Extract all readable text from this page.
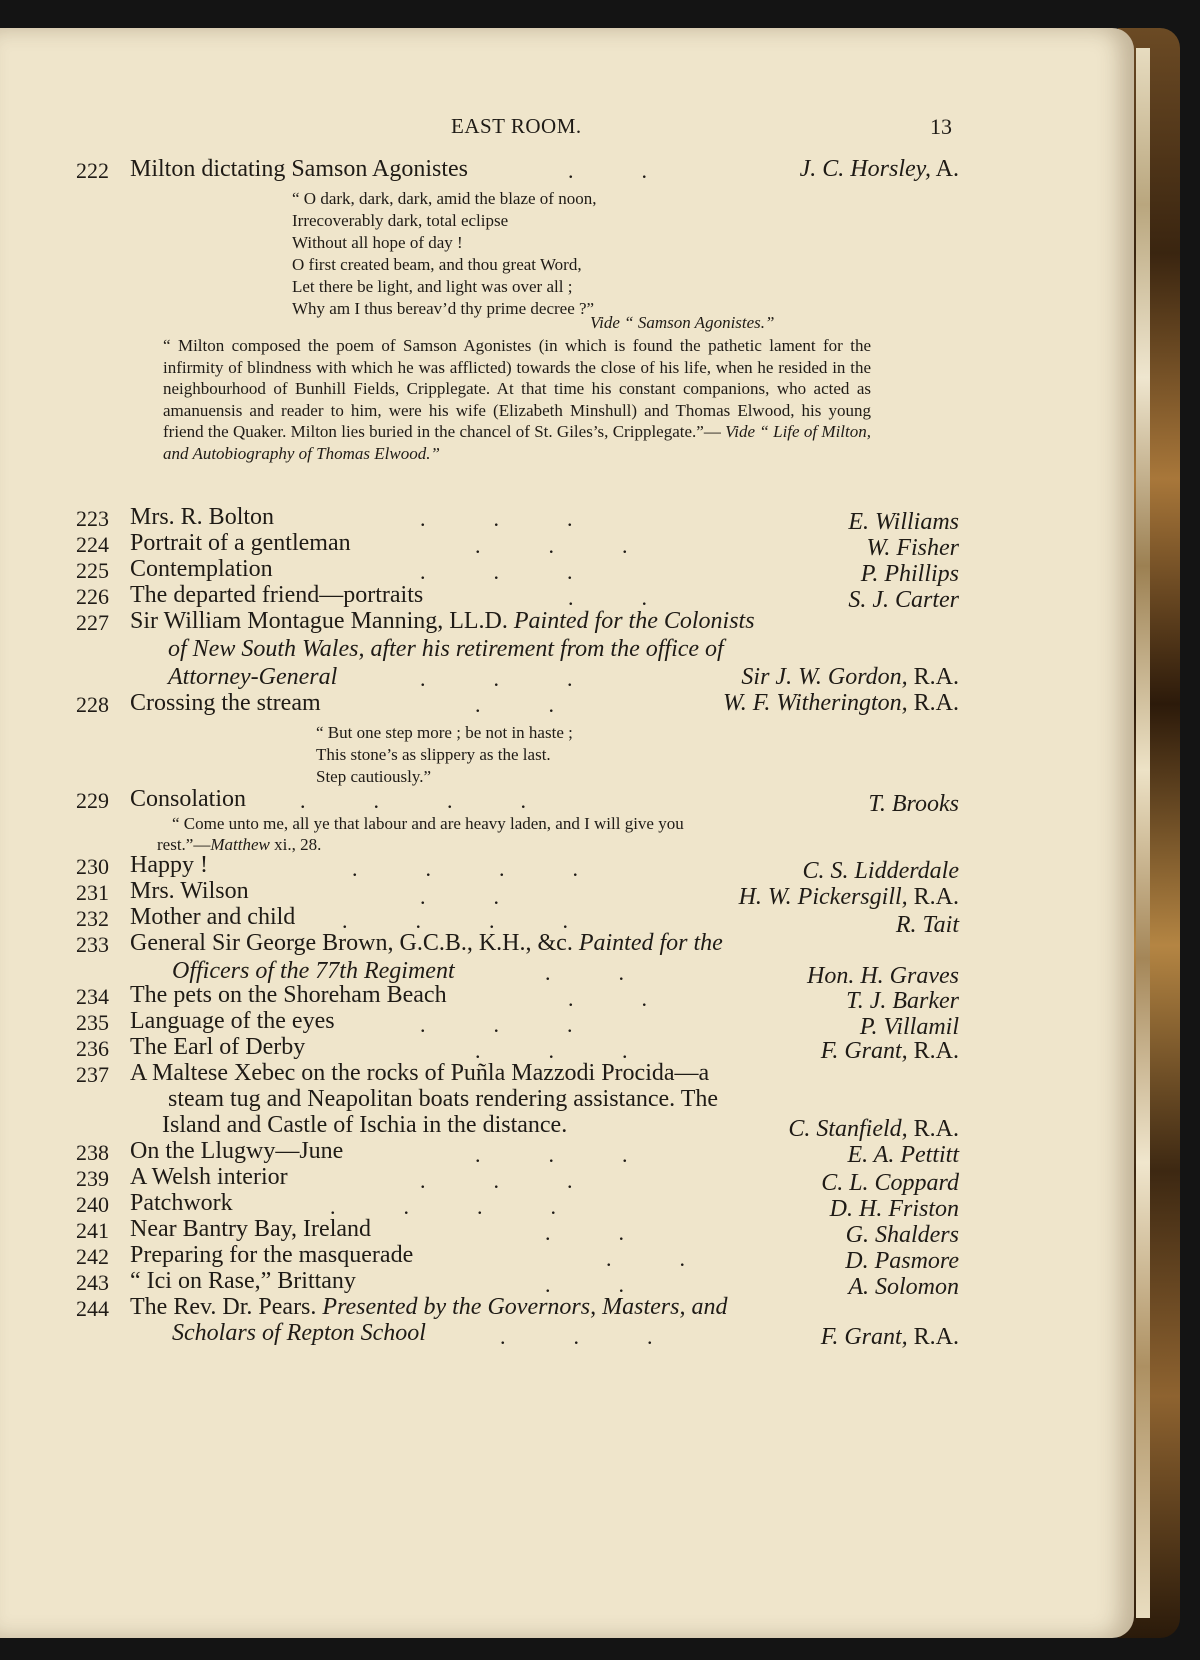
EAST ROOM.	13
222 Milton dictating Samson Agonistes	..	J. C. Horsley, A.
“ O dark, dark, dark, amid the blaze of noon,
Irrecoverably dark, total eclipse
Without all hope of day !
O first created beam, and thou great Word,
Let there be light, and light was over all ;
Why am I thus bereav’d thy prime decree ?”
Vide “ Samson Agonistes.”
“ Milton composed the poem of Samson Agonistes (in which is found the pathetic lament for the infirmity of blindness with which he was afflicted) towards the close of his life, when he resided in the neighbourhood of Bunhill Fields, Cripplegate. At that time his constant companions, who acted as amanuensis and reader to him, were his wife (Elizabeth Minshull) and Thomas Elwood, his young friend the Quaker. Milton lies buried in the chancel of St. Giles’s, Cripplegate.”— Vide “ Life of Milton, and Autobiography of Thomas Elwood.”
223 Mrs. R. Bolton	...	E. Williams
224 Portrait of a gentleman	...	W. Fisher
225 Contemplation	...	P. Phillips
226 The departed friend—portraits	..	S. J. Carter
227 Sir William Montague Manning, LL.D. Painted for the Colonists
of New South Wales, after his retirement from the office of
Attorney-General	...	Sir J. W. Gordon, R.A.
228 Crossing the stream	..	W. F. Witherington, R.A.
“ But one step more ; be not in haste ;
This stone’s as slippery as the last.
Step cautiously.”
229 Consolation ....	T. Brooks
“ Come unto me, all ye that labour and are heavy laden, and I will give you
rest.”—Matthew xi., 28.
230 Happy !	....	C. S. Lidderdale
231 Mrs. Wilson	..	H. W. Pickersgill, R.A.
232 Mother and child ....	R. Tait
233 General Sir George Brown, G.C.B., K.H., &c. Painted for the
Officers of the 77th Regiment	..	Hon. H. Graves
234 The pets on the Shoreham Beach	..	T. J. Barker
235 Language of the eyes	...	P. Villamil
236 The Earl of Derby	...	F. Grant, R.A.
237 A Maltese Xebec on the rocks of Puñla Mazzodi Procida—a
steam tug and Neapolitan boats rendering assistance. The
Island and Castle of Ischia in the distance.	C. Stanfield, R.A.
238 On the Llugwy—June	...	E. A. Pettitt
239 A Welsh interior	...	C. L. Coppard
240 Patchwork	....	D. H. Friston
241 Near Bantry Bay, Ireland	..	G. Shalders
242 Preparing for the masquerade	..	D. Pasmore
243 “ Ici on Rase,” Brittany	..	A. Solomon
244 The Rev. Dr. Pears. Presented by the Governors, Masters, and
Scholars of Repton School	...	F. Grant, R.A.
